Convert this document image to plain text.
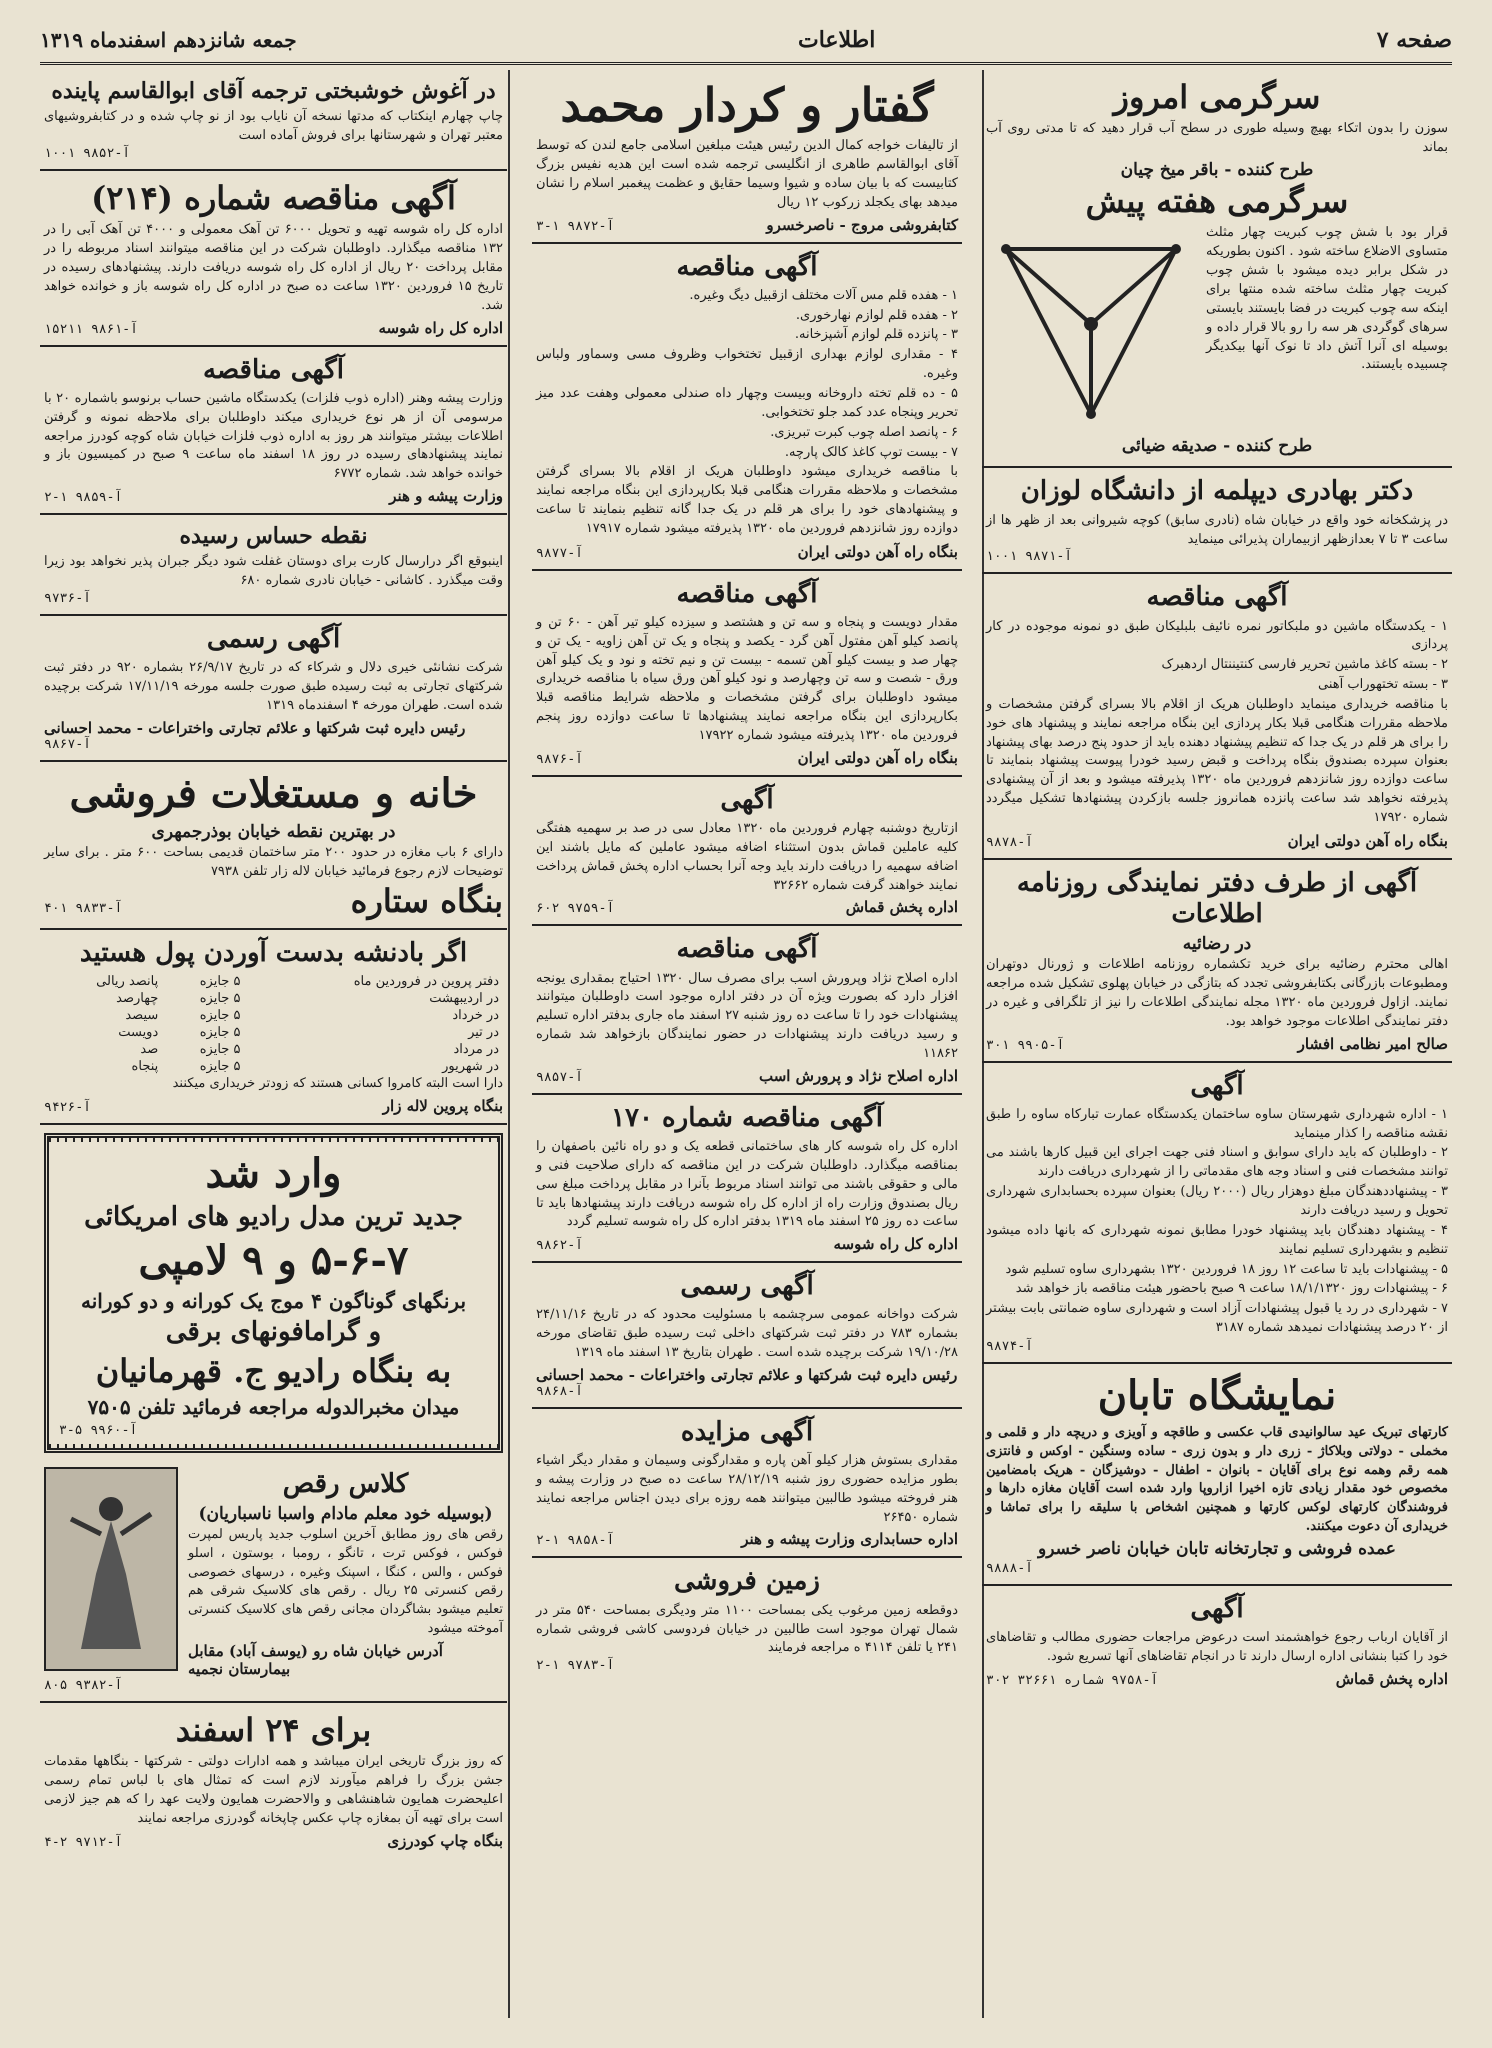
صفحه ۷
اطلاعات
جمعه شانزدهم اسفندماه ۱۳۱۹
سرگرمی امروز
سوزن را بدون اتکاء بهیچ وسیله طوری در سطح آب قرار دهید که تا مدتی روی آب بماند
طرح کننده - باقر میخ چیان
سرگرمی هفته پیش
قرار بود با شش چوب کبریت چهار مثلث متساوی الاضلاع ساخته شود . اکنون بطوریکه در شکل برابر دیده میشود با شش چوب کبریت چهار مثلث ساخته شده منتها برای اینکه سه چوب کبریت در فضا بایستند بایستی سرهای گوگردی هر سه را رو بالا قرار داده و بوسیله ای آنرا آتش داد تا نوک آنها بیکدیگر چسبیده بایستند.
طرح کننده - صدیقه ضیائی
دکتر بهادری دیپلمه از دانشگاه لوزان
در پزشکخانه خود واقع در خیابان شاه (نادری سابق) کوچه شیروانی بعد از ظهر ها از ساعت ۳ تا ۷ بعدازظهر ازبیماران پذیرائی مینماید
۱۰۰۱ آ-۹۸۷۱
آگهی مناقصه
۱ - یکدستگاه ماشین دو ملبکاتور نمره نائیف بلبلیکان طبق دو نمونه موجوده در کار پردازی
۲ - بسته کاغذ ماشین تحریر فارسی کنتیننتال اردهبرک
۳ - بسته تختهوراب آهنی
با مناقصه خریداری مینماید داوطلبان هریک از اقلام بالا بسرای گرفتن مشخصات و ملاحظه مقررات هنگامی قبلا بکار پردازی این بنگاه مراجعه نمایند و پیشنهاد های خود را برای هر قلم در یک جدا که تنظیم پیشنهاد دهنده باید از حدود پنج درصد بهای پیشنهاد بعنوان سپرده بصندوق بنگاه پرداخت و قبض رسید خودرا پیوست پیشنهاد بنمایند تا ساعت دوازده روز شانزدهم فروردین ماه ۱۳۲۰ پذیرفته میشود و بعد از آن پیشنهادی پذیرفته نخواهد شد ساعت پانزده همانروز جلسه بازکردن پیشنهادها تشکیل میگردد شماره ۱۷۹۲۰
بنگاه راه آهن دولتی ایران
آ-۹۸۷۸
آگهی از طرف دفتر نمایندگی روزنامه اطلاعات
در رضائیه
اهالی محترم رضائیه برای خرید تکشماره روزنامه اطلاعات و ژورنال دوتهران ومطبوعات بازرگانی بکتابفروشی تجدد که بتازگی در خیابان پهلوی تشکیل شده مراجعه نمایند. ازاول فروردین ماه ۱۳۲۰ مجله نمایندگی اطلاعات را نیز از تلگرافی و غیره در دفتر نمایندگی اطلاعات موجود خواهد بود.
صالح امیر نظامی افشار
۳۰۱ آ-۹۹۰۵
آگهی
۱ - اداره شهرداری شهرستان ساوه ساختمان یکدستگاه عمارت تبارکاه ساوه را طبق نقشه مناقصه را کذار مینماید
۲ - داوطلبان که باید دارای سوابق و اسناد فنی جهت اجرای این قبیل کارها باشند می توانند مشخصات فنی و اسناد وجه های مقدماتی را از شهرداری دریافت دارند
۳ - پیشنهاددهندگان مبلغ دوهزار ریال (۲۰۰۰ ریال) بعنوان سپرده بحسابداری شهرداری تحویل و رسید دریافت دارند
۴ - پیشنهاد دهندگان باید پیشنهاد خودرا مطابق نمونه شهرداری که بانها داده میشود تنظیم و بشهرداری تسلیم نمایند
۵ - پیشنهادات باید تا ساعت ۱۲ روز ۱۸ فروردین ۱۳۲۰ بشهرداری ساوه تسلیم شود
۶ - پیشنهادات روز ۱۸/۱/۱۳۲۰ ساعت ۹ صبح باحضور هیئت مناقصه باز خواهد شد
۷ - شهرداری در رد یا قبول پیشنهادات آزاد است و شهرداری ساوه ضمانتی بابت بیشتر از ۲۰ درصد پیشنهادات نمیدهد شماره ۳۱۸۷
آ-۹۸۷۴
نمایشگاه تابان
کارتهای تبریک عید سالوانیدی قاب عکسی و طاقچه و آویزی و دریچه دار و قلمی و مخملی - دولاتی وبلاکاژ - زری دار و بدون زری - ساده وسنگین - اوکس و فانتزی همه رقم وهمه نوع برای آقایان - بانوان - اطفال - دوشیزگان - هریک بامضامین مخصوص خود مقدار زیادی تازه اخیرا ازاروپا وارد شده است آقایان مغازه دارها و فروشندگان کارتهای لوکس کارتها و همچنین اشخاص با سلیقه را برای تماشا و خریداری آن دعوت میکنند.
عمده فروشی و تجارتخانه تابان خیابان ناصر خسرو
آ-۹۸۸۸
آگهی
از آقایان ارباب رجوع خواهشمند است درعوض مراجعات حضوری مطالب و تقاضاهای خود را کتبا بنشانی اداره ارسال دارند تا در انجام تقاضاهای آنها تسریع شود.
اداره پخش قماش
۳۰۲ آ-۹۷۵۸ شماره ۳۲۶۶۱
گفتار و کردار محمد
از تالیفات خواجه کمال الدین رئیس هیئت مبلغین اسلامی جامع لندن که توسط آقای ابوالقاسم طاهری از انگلیسی ترجمه شده است این هدیه نفیس بزرگ کتابیست که با بیان ساده و شیوا وسیما حقایق و عظمت پیغمبر اسلام را نشان میدهد بهای یکجلد زرکوب ۱۲ ریال
کتابفروشی مروج - ناصرخسرو
۳-۱ آ-۹۸۷۲
آگهی مناقصه
۱ - هفده قلم مس آلات مختلف ازقبیل دیگ وغیره.
۲ - هفده قلم لوازم نهارخوری.
۳ - پانزده قلم لوازم آشپزخانه.
۴ - مقداری لوازم بهداری ازقبیل تختخواب وظروف مسی وسماور ولباس وغیره.
۵ - ده قلم تخته داروخانه وبیست وچهار داه صندلی معمولی وهفت عدد میز تحریر وپنجاه عدد کمد جلو تختخوابی.
۶ - پانصد اصله چوب کبرت تبریزی.
۷ - بیست توپ کاغذ کالک پارچه.
با مناقصه خریداری میشود داوطلبان هریک از اقلام بالا بسرای گرفتن مشخصات و ملاحظه مقررات هنگامی قبلا بکارپردازی این بنگاه مراجعه نمایند و پیشنهادهای خود را برای هر قلم در یک جدا گانه تنظیم بنمایند تا ساعت دوازده روز شانزدهم فروردین ماه ۱۳۲۰ پذیرفته میشود شماره ۱۷۹۱۷
بنگاه راه آهن دولتی ایران
آ-۹۸۷۷
آگهی مناقصه
مقدار دویست و پنجاه و سه تن و هشتصد و سیزده کیلو تیر آهن - ۶۰ تن و پانصد کیلو آهن مفتول آهن گرد - یکصد و پنجاه و یک تن آهن زاویه - یک تن و چهار صد و بیست کیلو آهن تسمه - بیست تن و نیم تخته و نود و یک کیلو آهن ورق - شصت و سه تن وچهارصد و نود کیلو آهن ورق سیاه با مناقصه خریداری میشود داوطلبان برای گرفتن مشخصات و ملاحظه شرایط مناقصه قبلا بکارپردازی این بنگاه مراجعه نمایند پیشنهادها تا ساعت دوازده روز پنجم فروردین ماه ۱۳۲۰ پذیرفته میشود شماره ۱۷۹۲۲
بنگاه راه آهن دولتی ایران
آ-۹۸۷۶
آگهی
ازتاریخ دوشنبه چهارم فروردین ماه ۱۳۲۰ معادل سی در صد بر سهمیه هفتگی کلیه عاملین قماش بدون استثناء اضافه میشود عاملین که مایل باشند این اضافه سهمیه را دریافت دارند باید وجه آنرا بحساب اداره پخش قماش پرداخت نمایند خواهند گرفت شماره ۳۲۶۶۲
اداره پخش قماش
۶۰۲ آ-۹۷۵۹
آگهی مناقصه
اداره اصلاح نژاد وپرورش اسب برای مصرف سال ۱۳۲۰ احتیاج بمقداری یونجه افزار دارد که بصورت ویژه آن در دفتر اداره موجود است داوطلبان میتوانند پیشنهادات خود را تا ساعت ده روز شنبه ۲۷ اسفند ماه جاری بدفتر اداره تسلیم و رسید دریافت دارند پیشنهادات در حضور نمایندگان بازخواهد شد شماره ۱۱۸۶۲
اداره اصلاح نژاد و پرورش اسب
آ-۹۸۵۷
آگهی مناقصه شماره ۱۷۰
اداره کل راه شوسه کار های ساختمانی قطعه یک و دو راه نائین باصفهان را بمناقصه میگذارد. داوطلبان شرکت در این مناقصه که دارای صلاحیت فنی و مالی و حقوقی باشند می توانند اسناد مربوط بآنرا در مقابل پرداخت مبلغ سی ریال بصندوق وزارت راه از اداره کل راه شوسه دریافت دارند پیشنهادها باید تا ساعت ده روز ۲۵ اسفند ماه ۱۳۱۹ بدفتر اداره کل راه شوسه تسلیم گردد
اداره کل راه شوسه
آ-۹۸۶۲
آگهی رسمی
شرکت دواخانه عمومی سرچشمه با مسئولیت محدود که در تاریخ ۲۴/۱۱/۱۶ بشماره ۷۸۳ در دفتر ثبت شرکتهای داخلی ثبت رسیده طبق تقاضای مورخه ۱۹/۱۰/۲۸ شرکت برچیده شده است . طهران بتاریخ ۱۳ اسفند ماه ۱۳۱۹
رئیس دایره ثبت شرکتها و علائم تجارتی واختراعات - محمد احسانی
آ-۹۸۶۸
آگهی مزایده
مقداری بستوش هزار کیلو آهن پاره و مقدارگونی وسیمان و مقدار دیگر اشیاء بطور مزایده حضوری روز شنبه ۲۸/۱۲/۱۹ ساعت ده صبح در وزارت پیشه و هنر فروخته میشود طالبین میتوانند همه روزه برای دیدن اجناس مراجعه نمایند شماره ۲۶۴۵۰
اداره حسابداری وزارت پیشه و هنر
۲-۱ آ-۹۸۵۸
زمین فروشی
دوقطعه زمین مرغوب یکی بمساحت ۱۱۰۰ متر ودیگری بمساحت ۵۴۰ متر در شمال تهران موجود است طالبین در خیابان فردوسی کاشی فروشی شماره ۲۴۱ یا تلفن ۴۱۱۴ ه مراجعه فرمایند
۲-۱ آ-۹۷۸۳
در آغوش خوشبختی ترجمه آقای ابوالقاسم پاینده
چاپ چهارم اینکتاب که مدتها نسخه آن نایاب بود از نو چاپ شده و در کتابفروشیهای معتبر تهران و شهرستانها برای فروش آماده است
۱۰۰۱ آ-۹۸۵۲
آگهی مناقصه شماره (۲۱۴)
اداره کل راه شوسه تهیه و تحویل ۶۰۰۰ تن آهک معمولی و ۴۰۰۰ تن آهک آبی را در ۱۳۲ مناقصه میگذارد. داوطلبان شرکت در این مناقصه میتوانند اسناد مربوطه را در مقابل پرداخت ۲۰ ریال از اداره کل راه شوسه دریافت دارند. پیشنهادهای رسیده در تاریخ ۱۵ فروردین ۱۳۲۰ ساعت ده صبح در اداره کل راه شوسه باز و خوانده خواهد شد.
اداره کل راه شوسه
۱۵۲۱۱ آ-۹۸۶۱
آگهی مناقصه
وزارت پیشه وهنر (اداره ذوب فلزات) یکدستگاه ماشین حساب برنوسو باشماره ۲۰ با مرسومی آن از هر نوع خریداری میکند داوطلبان برای ملاحظه نمونه و گرفتن اطلاعات بیشتر میتوانند هر روز به اداره ذوب فلزات خیابان شاه کوچه کودرز مراجعه نمایند پیشنهادهای رسیده در روز ۱۸ اسفند ماه ساعت ۹ صبح در کمیسیون باز و خوانده خواهد شد. شماره ۶۷۷۲
وزارت پیشه و هنر
۲-۱ آ-۹۸۵۹
نقطه حساس رسیده
اینبوقع اگر درارسال کارت برای دوستان غفلت شود دیگر جبران پذیر نخواهد بود زیرا وقت میگذرد . کاشانی - خیابان نادری شماره ۶۸۰
آ-۹۷۳۶
آگهی رسمی
شرکت نشانئی خیری دلال و شرکاء که در تاریخ ۲۶/۹/۱۷ بشماره ۹۲۰ در دفتر ثبت شرکتهای تجارتی به ثبت رسیده طبق صورت جلسه مورخه ۱۷/۱۱/۱۹ شرکت برچیده شده است. طهران مورخه ۴ اسفندماه ۱۳۱۹
رئیس دایره ثبت شرکتها و علائم تجارتی واختراعات - محمد احسانی
آ-۹۸۶۷
خانه و مستغلات فروشی
در بهترین نقطه خیابان بوذرجمهری
دارای ۶ باب مغازه در حدود ۲۰۰ متر ساختمان قدیمی بساحت ۶۰۰ متر . برای سایر توضیحات لازم رجوع فرمائید خیابان لاله زار تلفن ۷۹۳۸
بنگاه ستاره
۴۰۱ آ-۹۸۳۳
اگر بادنشه بدست آوردن پول هستید
دفتر پروین در فروردین ماه	۵ جایزه	پانصد ریالی
در اردیبهشت	۵ جایزه	چهارصد
در خرداد	۵ جایزه	سیصد
در تیر	۵ جایزه	دویست
در مرداد	۵ جایزه	صد
در شهریور	۵ جایزه	پنجاه
دارا است البته کامروا کسانی هستند که زودتر خریداری میکنند
بنگاه پروین لاله زار
آ-۹۴۲۶
وارد شد
جدید ترین مدل رادیو های امریکائی
۵-۶-۷ و ۹ لامپی
برنگهای گوناگون ۴ موج یک کورانه و دو کورانه
و گرامافونهای برقی
به بنگاه رادیو ج. قهرمانیان
میدان مخبرالدوله مراجعه فرمائید تلفن ۷۵۰۵
۳-۵ آ-۹۹۶۰
کلاس رقص
(بوسیله خود معلم مادام واسبا ناسباریان)
رقص های روز مطابق آخرین اسلوب جدید پاریس لمپرت فوکس ، فوکس ترت ، تانگو ، رومبا ، بوستون ، اسلو فوکس ، والس ، کنگا ، اسپنک وغیره ، درسهای خصوصی رقص کنسرتی ۲۵ ریال . رقص های کلاسیک شرقی هم تعلیم میشود بشاگردان مجانی رقص های کلاسیک کنسرتی آموخته میشود
آدرس خیابان شاه رو (یوسف آباد) مقابل بیمارستان نجمیه
۸۰۵ آ-۹۳۸۲
برای ۲۴ اسفند
که روز بزرگ تاریخی ایران میباشد و همه ادارات دولتی - شرکتها - بنگاهها مقدمات جشن بزرگ را فراهم میآورند لازم است که تمثال های با لباس تمام رسمی اعلیحضرت همایون شاهنشاهی و والاحضرت همایون ولایت عهد را که هم جیز لازمی است برای تهیه آن بمغازه چاپ عکس چاپخانه گودرزی مراجعه نمایند
بنگاه چاپ کودرزی
۴-۲ آ-۹۷۱۲
